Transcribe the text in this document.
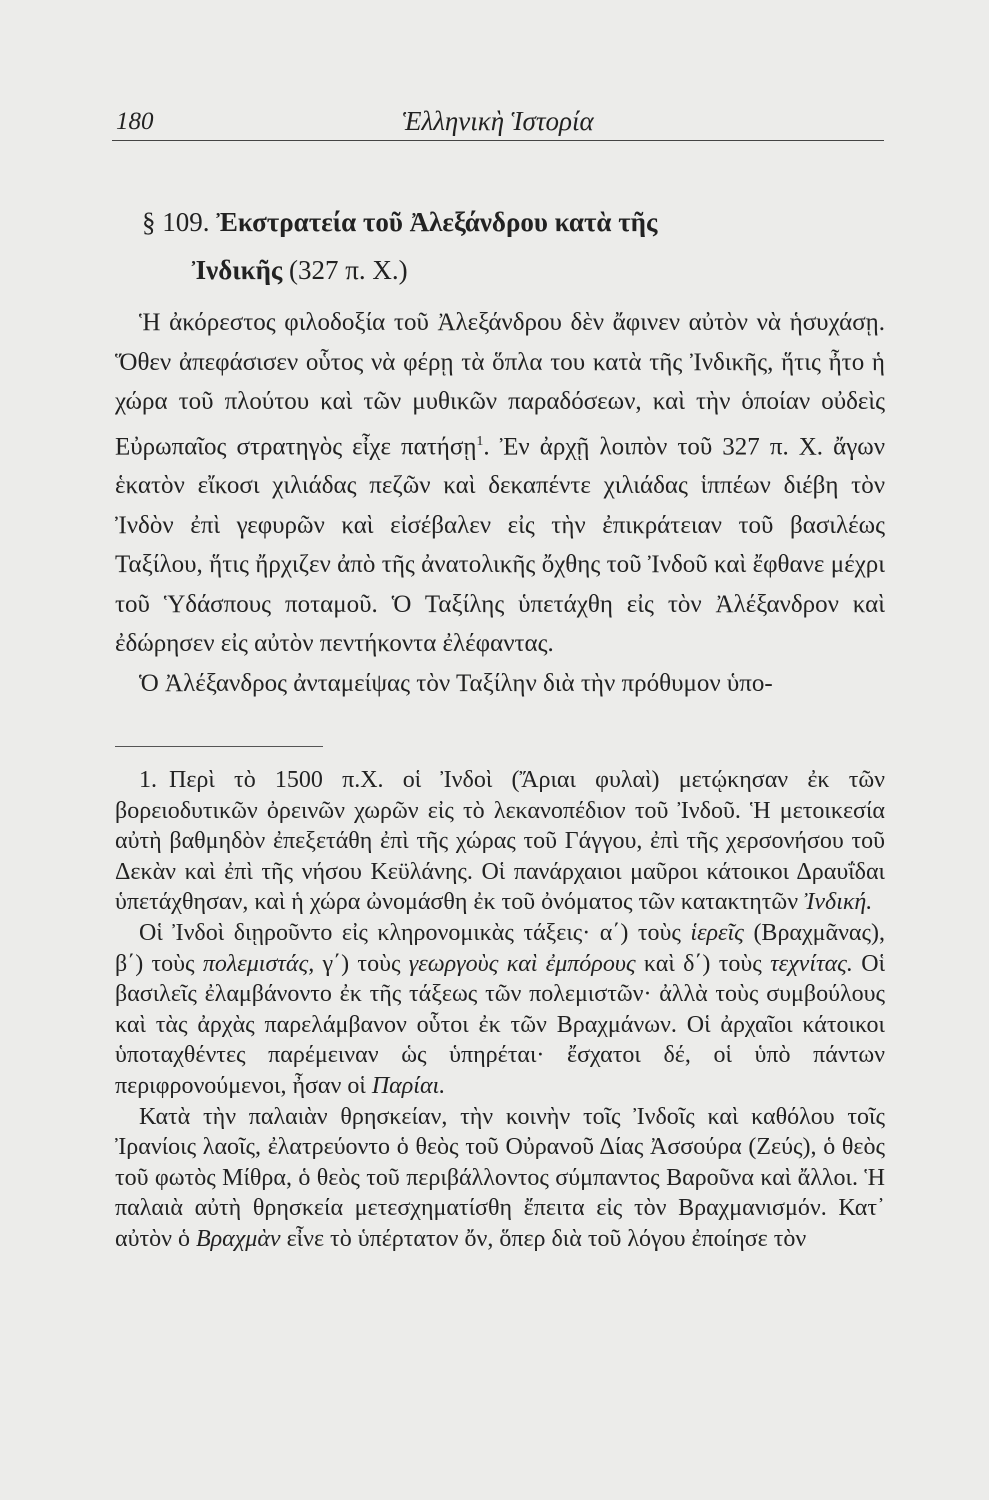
180	Ἑλληνικὴ Ἱστορία
§ 109. Ἐκστρατεία τοῦ Ἀλεξάνδρου κατὰ τῆς
Ἰνδικῆς (327 π. Χ.)

Ἡ ἀκόρεστος φιλοδοξία τοῦ Ἀλεξάνδρου δὲν ἄφινεν αὐτὸν νὰ ἡσυχάσῃ. Ὅθεν ἀπεφάσισεν οὗτος νὰ φέρῃ τὰ ὅπλα του κατὰ τῆς Ἰνδικῆς, ἥτις ἦτο ἡ χώρα τοῦ πλούτου καὶ τῶν μυθικῶν παραδόσεων, καὶ τὴν ὁποίαν οὐδεὶς Εὐρωπαῖος στρατηγὸς εἶχε πατήσῃ$^1$. Ἐν ἀρχῇ λοιπὸν τοῦ 327 π. Χ. ἄγων ἑκατὸν εἴκοσι χιλιάδας πεζῶν καὶ δεκαπέντε χιλιάδας ἱππέων διέβη τὸν Ἰνδὸν ἐπὶ γεφυρῶν καὶ εἰσέβαλεν εἰς τὴν ἐπικράτειαν τοῦ βασιλέως Ταξίλου, ἥτις ἤρχιζεν ἀπὸ τῆς ἀνατολικῆς ὄχθης τοῦ Ἰνδοῦ καὶ ἔφθανε μέχρι τοῦ Ὑδάσπους ποταμοῦ. Ὁ Ταξίλης ὑπετάχθη εἰς τὸν Ἀλέξανδρον καὶ ἐδώρησεν εἰς αὐτὸν πεντήκοντα ἐλέφαντας.

Ὁ Ἀλέξανδρος ἀνταμείψας τὸν Ταξίλην διὰ τὴν πρόθυμον ὑπο-

1. Περὶ τὸ 1500 π.Χ. οἱ Ἰνδοὶ (Ἄριαι φυλαὶ) μετῴκησαν ἐκ τῶν βορειοδυτικῶν ὀρεινῶν χωρῶν εἰς τὸ λεκανοπέδιον τοῦ Ἰνδοῦ. Ἡ μετοικεσία αὐτὴ βαθμηδὸν ἐπεξετάθη ἐπὶ τῆς χώρας τοῦ Γάγγου, ἐπὶ τῆς χερσονήσου τοῦ Δεκὰν καὶ ἐπὶ τῆς νήσου Κεϋλάνης. Οἱ πανάρχαιοι μαῦροι κάτοικοι Δραυΐδαι ὑπετάχθησαν, καὶ ἡ χώρα ὠνομάσθη ἐκ τοῦ ὀνόματος τῶν κατακτητῶν Ἰνδική.

Οἱ Ἰνδοὶ διῃροῦντο εἰς κληρονομικὰς τάξεις· α΄) τοὺς ἱερεῖς (Βραχμᾶνας), β΄) τοὺς πολεμιστάς, γ΄) τοὺς γεωργοὺς καὶ ἐμπόρους καὶ δ΄) τοὺς τεχνίτας. Οἱ βασιλεῖς ἐλαμβάνοντο ἐκ τῆς τάξεως τῶν πολεμιστῶν· ἀλλὰ τοὺς συμβούλους καὶ τὰς ἀρχὰς παρελάμβανον οὗτοι ἐκ τῶν Βραχμάνων. Οἱ ἀρχαῖοι κάτοικοι ὑποταχθέντες παρέμειναν ὡς ὑπηρέται· ἔσχατοι δέ, οἱ ὑπὸ πάντων περιφρονούμενοι, ἦσαν οἱ Παρίαι.

Κατὰ τὴν παλαιὰν θρησκείαν, τὴν κοινὴν τοῖς Ἰνδοῖς καὶ καθόλου τοῖς Ἰρανίοις λαοῖς, ἐλατρεύοντο ὁ θεὸς τοῦ Οὐρανοῦ Δίας Ἀσσούρα (Ζεύς), ὁ θεὸς τοῦ φωτὸς Μίθρα, ὁ θεὸς τοῦ περιβάλλοντος σύμπαντος Βαροῦνα καὶ ἄλλοι. Ἡ παλαιὰ αὐτὴ θρησκεία μετεσχηματίσθη ἔπειτα εἰς τὸν Βραχμανισμόν. Κατ᾿ αὐτὸν ὁ Βραχμὰν εἶνε τὸ ὑπέρτατον ὄν, ὅπερ διὰ τοῦ λόγου ἐποίησε τὸν
